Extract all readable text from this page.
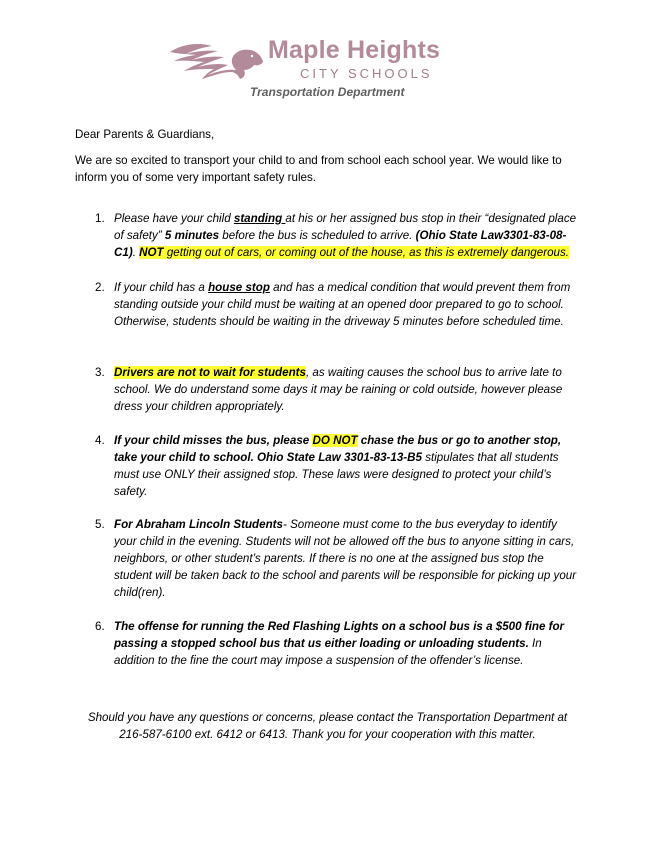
Maple Heights
CITY SCHOOLS
Transportation Department
Dear Parents & Guardians,
We are so excited to transport your child to and from school each school year. We would like to inform you of some very important safety rules.
1. Please have your child standing at his or her assigned bus stop in their “designated place of safety” 5 minutes before the bus is scheduled to arrive. (Ohio State Law3301-83-08-C1). NOT getting out of cars, or coming out of the house, as this is extremely dangerous.
2. If your child has a house stop and has a medical condition that would prevent them from standing outside your child must be waiting at an opened door prepared to go to school. Otherwise, students should be waiting in the driveway 5 minutes before scheduled time.
3. Drivers are not to wait for students, as waiting causes the school bus to arrive late to school. We do understand some days it may be raining or cold outside, however please dress your children appropriately.
4. If your child misses the bus, please DO NOT chase the bus or go to another stop, take your child to school. Ohio State Law 3301-83-13-B5 stipulates that all students must use ONLY their assigned stop. These laws were designed to protect your child’s safety.
5. For Abraham Lincoln Students- Someone must come to the bus everyday to identify your child in the evening. Students will not be allowed off the bus to anyone sitting in cars, neighbors, or other student’s parents. If there is no one at the assigned bus stop the student will be taken back to the school and parents will be responsible for picking up your child(ren).
6. The offense for running the Red Flashing Lights on a school bus is a $500 fine for passing a stopped school bus that us either loading or unloading students. In addition to the fine the court may impose a suspension of the offender’s license.
Should you have any questions or concerns, please contact the Transportation Department at 216-587-6100 ext. 6412 or 6413. Thank you for your cooperation with this matter.
